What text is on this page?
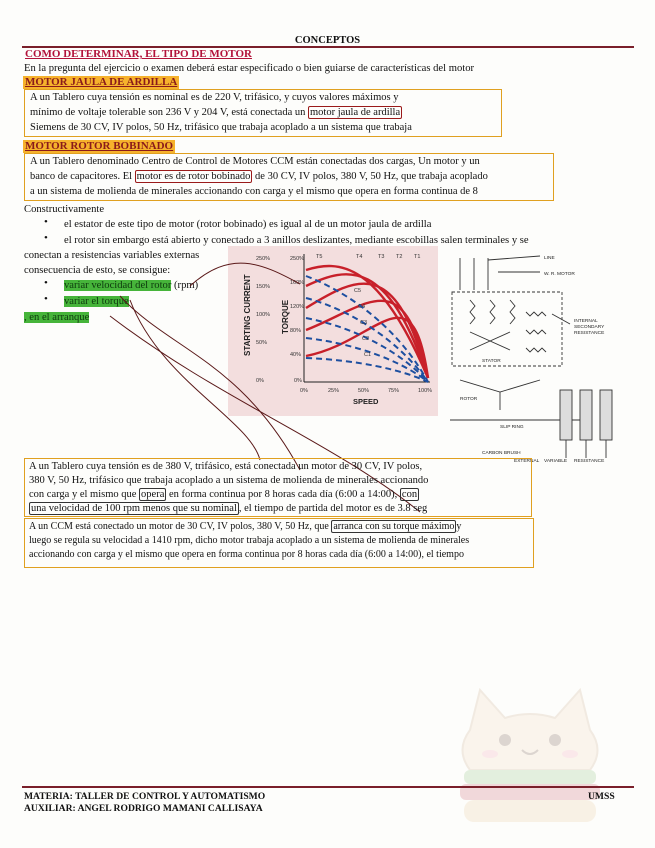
CONCEPTOS
COMO DETERMINAR, EL TIPO DE MOTOR
En la pregunta del ejercicio o examen deberá estar especificado o bien guiarse de características del motor
MOTOR JAULA DE ARDILLA
A un Tablero cuya tensión es nominal es de 220 V, trifásico, y cuyos valores máximos y
mínimo de voltaje tolerable son 236 V y 204 V, está conectada un motor jaula de ardilla
Siemens de 30 CV, IV polos, 50 Hz, trifásico que trabaja acoplado a un sistema que trabaja
MOTOR ROTOR BOBINADO
A un Tablero denominado Centro de Control de Motores CCM están conectadas dos cargas, Un motor y un
banco de capacitores. El motor es de rotor bobinado de 30 CV, IV polos, 380 V, 50 Hz, que trabaja acoplado
a un sistema de molienda de minerales accionando con carga y el mismo que opera en forma continua de 8
Constructivamente
• el estator de este tipo de motor (rotor bobinado) es igual al de un motor jaula de ardilla
• el rotor sin embargo está abierto y conectado a 3 anillos deslizantes, mediante escobillas salen terminales y se
conectan a resistencias variables externas
consecuencia de esto, se consigue:
• variar velocidad del rotor (rpm)
• variar el torque
, en el arranque	STARTING CURRENT	TORQUE
SPEED
250%
150%
100%
50%
0%
250%
160%
120%
80%
40%
0%
0%	25%	50%	75%	100%
T5	T4	T3 T2 T1
C5
C4
C3
C2
C1
LINE
W. R. MOTOR
INTERNAL
SECONDARY
RESISTANCE
STATOR
ROTOR
SLIP RING
CARBON BRUSH
EXTERNAL VARIABLE RESISTANCE
A un Tablero cuya tensión es de 380 V, trifásico, está conectada un motor de 30 CV, IV polos,
380 V, 50 Hz, trifásico que trabaja acoplado a un sistema de molienda de minerales accionando
con carga y el mismo que opera en forma continua por 8 horas cada día (6:00 a 14:00), con
una velocidad de 100 rpm menos que su nominal , el tiempo de partida del motor es de 3.8 seg
A un CCM está conectado un motor de 30 CV, IV polos, 380 V, 50 Hz, que arranca con su torque máximo y
luego se regula su velocidad a 1410 rpm, dicho motor trabaja acoplado a un sistema de molienda de minerales
accionando con carga y el mismo que opera en forma continua por 8 horas cada día (6:00 a 14:00), el tiempo
MATERIA: TALLER DE CONTROL Y AUTOMATISMO
AUXILIAR: ANGEL RODRIGO MAMANI CALLISAYA
UMSS
